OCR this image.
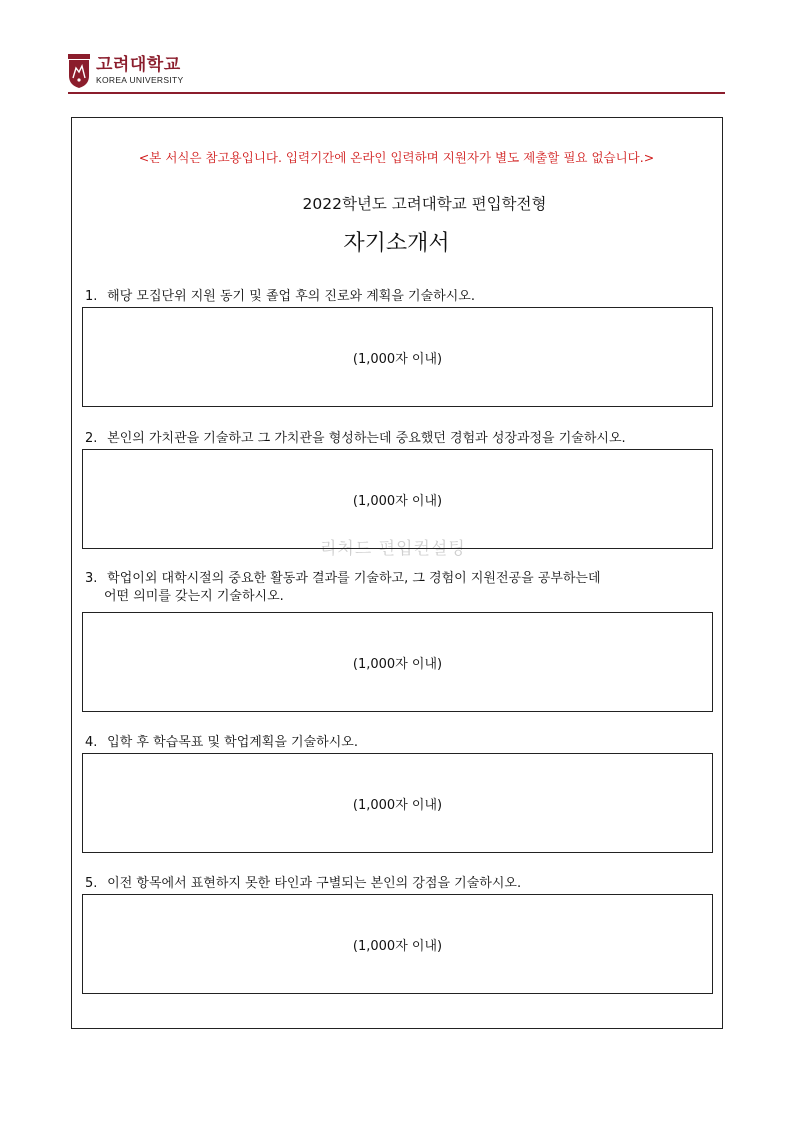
고려대학교
KOREA UNIVERSITY
<본 서식은 참고용입니다. 입력기간에 온라인 입력하며 지원자가 별도 제출할 필요 없습니다.>
2022학년도 고려대학교 편입학전형
자기소개서
리처드 편입컨설팅
1. 해당 모집단위 지원 동기 및 졸업 후의 진로와 계획을 기술하시오.
(1,000자 이내)
2. 본인의 가치관을 기술하고 그 가치관을 형성하는데 중요했던 경험과 성장과정을 기술하시오.
(1,000자 이내)
3. 학업이외 대학시절의 중요한 활동과 결과를 기술하고, 그 경험이 지원전공을 공부하는데
어떤 의미를 갖는지 기술하시오.
(1,000자 이내)
4. 입학 후 학습목표 및 학업계획을 기술하시오.
(1,000자 이내)
5. 이전 항목에서 표현하지 못한 타인과 구별되는 본인의 강점을 기술하시오.
(1,000자 이내)
